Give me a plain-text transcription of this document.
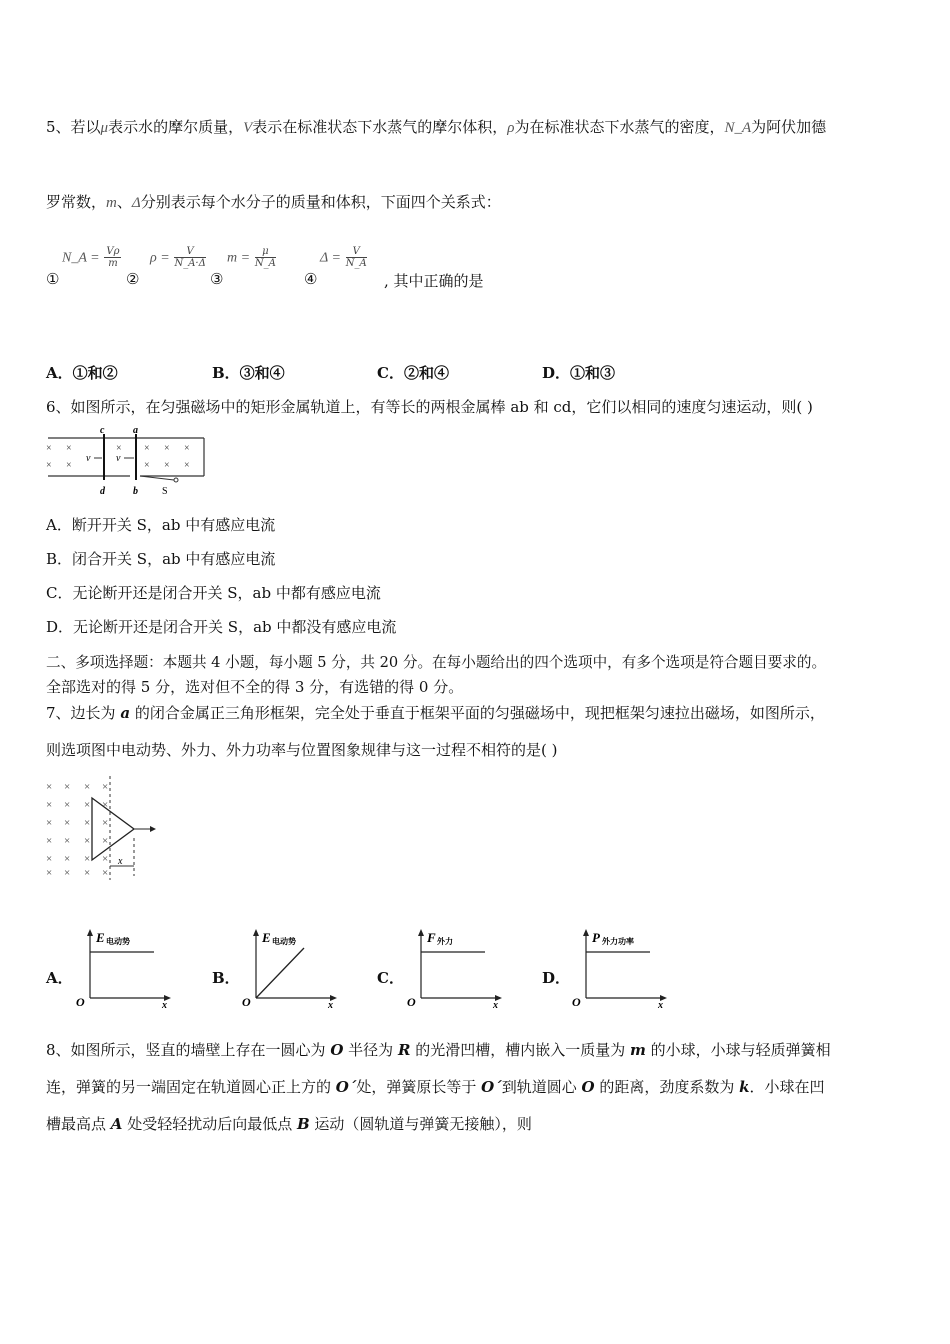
5、若以μ表示水的摩尔质量，V表示在标准状态下水蒸气的摩尔体积，ρ为在标准状态下水蒸气的密度，N_A为阿伏加德
罗常数，m、Δ分别表示每个水分子的质量和体积，下面四个关系式：
①
N_A = $\frac{V\rho}{m}$
②
$\rho = \frac{V}{N\_A\cdot\Delta}$
③
$m = \frac{\mu}{N\_A}$
④
$\Delta = \frac{V}{N\_A}$
, 其中正确的是
A．①和②	B．③和④	C．②和④	D．①和③
6、如图所示，在匀强磁场中的矩形金属轨道上，有等长的两根金属棒 ab 和 cd，它们以相同的速度匀速运动，则( )
× ×	× × × ×
× ×	× × ×
v	v
c	a
d	b S
A．断开开关 S，ab 中有感应电流
B．闭合开关 S，ab 中有感应电流
C．无论断开还是闭合开关 S，ab 中都有感应电流
D．无论断开还是闭合开关 S，ab 中都没有感应电流
二、多项选择题：本题共 4 小题，每小题 5 分，共 20 分。在每小题给出的四个选项中，有多个选项是符合题目要求的。
全部选对的得 5 分，选对但不全的得 3 分，有选错的得 0 分。
7、边长为 a 的闭合金属正三角形框架，完全处于垂直于框架平面的匀强磁场中，现把框架匀速拉出磁场，如图所示，
则选项图中电动势、外力、外力功率与位置图象规律与这一过程不相符的是( )
× × × ×
× × × ×
× × × ×
× × × ×
× × × ×
× × × ×
x
A．
E 电动势
O	x
B．
E 电动势
O	x
C．
F 外力
O	x
D．
P 外力功率
O	x
8、如图所示，竖直的墙壁上存在一圆心为 O 半径为 R 的光滑凹槽，槽内嵌入一质量为 m 的小球，小球与轻质弹簧相
连，弹簧的另一端固定在轨道圆心正上方的 O´处，弹簧原长等于 O´到轨道圆心 O 的距离，劲度系数为 k．小球在凹
槽最高点 A 处受轻轻扰动后向最低点 B 运动（圆轨道与弹簧无接触），则
